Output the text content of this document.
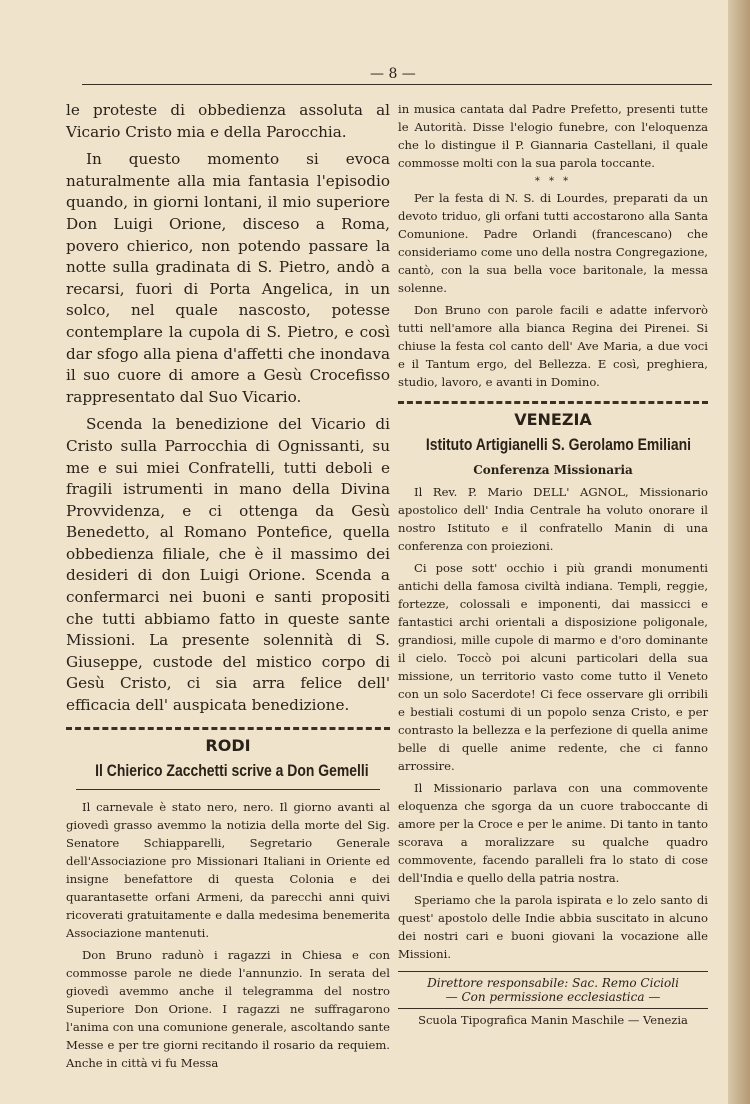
— 8 —

le proteste di obbedienza assoluta al Vicario Cristo mia e della Parocchia.

In questo momento si evoca naturalmente alla mia fantasia l'episodio quando, in giorni lontani, il mio superiore Don Luigi Orione, disceso a Roma, povero chierico, non potendo passare la notte sulla gradinata di S. Pietro, andò a recarsi, fuori di Porta Angelica, in un solco, nel quale nascosto, potesse contemplare la cupola di S. Pietro, e così dar sfogo alla piena d'affetti che inondava il suo cuore di amore a Gesù Crocefisso rappresentato dal Suo Vicario.

Scenda la benedizione del Vicario di Cristo sulla Parrocchia di Ognissanti, su me e sui miei Confratelli, tutti deboli e fragili istrumenti in mano della Divina Provvidenza, e ci ottenga da Gesù Benedetto, al Romano Pontefice, quella obbedienza filiale, che è il massimo dei desideri di don Luigi Orione. Scenda a confermarci nei buoni e santi propositi che tutti abbiamo fatto in queste sante Missioni. La presente solennità di S. Giuseppe, custode del mistico corpo di Gesù Cristo, ci sia arra felice dell' efficacia dell' auspicata benedizione.

RODI
Il Chierico Zacchetti scrive a Don Gemelli

Il carnevale è stato nero, nero. Il giorno avanti al giovedì grasso avemmo la notizia della morte del Sig. Senatore Schiapparelli, Segretario Generale dell'Associazione pro Missionari Italiani in Oriente ed insigne benefattore di questa Colonia e dei quarantasette orfani Armeni, da parecchi anni quivi ricoverati gratuitamente e dalla medesima benemerita Associazione mantenuti.

Don Bruno radunò i ragazzi in Chiesa e con commosse parole ne diede l'annunzio. In serata del giovedì avemmo anche il telegramma del nostro Superiore Don Orione. I ragazzi ne suffragarono l'anima con una comunione generale, ascoltando sante Messe e per tre giorni recitando il rosario da requiem. Anche in città vi fu Messa

in musica cantata dal Padre Prefetto, presenti tutte le Autorità. Disse l'elogio funebre, con l'eloquenza che lo distingue il P. Giannaria Castellani, il quale commosse molti con la sua parola toccante.

* * *

Per la festa di N. S. di Lourdes, preparati da un devoto triduo, gli orfani tutti accostarono alla Santa Comunione. Padre Orlandi (francescano) che consideriamo come uno della nostra Congregazione, cantò, con la sua bella voce baritonale, la messa solenne.

Don Bruno con parole facili e adatte infervorò tutti nell'amore alla bianca Regina dei Pirenei. Si chiuse la festa col canto dell' Ave Maria, a due voci e il Tantum ergo, del Bellezza. E così, preghiera, studio, lavoro, e avanti in Domino.

VENEZIA
Istituto Artigianelli S. Gerolamo Emiliani
Conferenza Missionaria

Il Rev. P. Mario DELL' AGNOL, Missionario apostolico dell' India Centrale ha voluto onorare il nostro Istituto e il confratello Manin di una conferenza con proiezioni.

Ci pose sott' occhio i più grandi monumenti antichi della famosa civiltà indiana. Templi, reggie, fortezze, colossali e imponenti, dai massicci e fantastici archi orientali a disposizione poligonale, grandiosi, mille cupole di marmo e d'oro dominante il cielo. Toccò poi alcuni particolari della sua missione, un territorio vasto come tutto il Veneto con un solo Sacerdote! Ci fece osservare gli orribili e bestiali costumi di un popolo senza Cristo, e per contrasto la bellezza e la perfezione di quella anime belle di quelle anime redente, che ci fanno arrossire.

Il Missionario parlava con una commovente eloquenza che sgorga da un cuore traboccante di amore per la Croce e per le anime. Di tanto in tanto scorava a moralizzare su qualche quadro commovente, facendo paralleli fra lo stato di cose dell'India e quello della patria nostra.

Speriamo che la parola ispirata e lo zelo santo di quest' apostolo delle Indie abbia suscitato in alcuno dei nostri cari e buoni giovani la vocazione alle Missioni.

Direttore responsabile: Sac. Remo Cicioli
— Con permissione ecclesiastica —
Scuola Tipografica Manin Maschile — Venezia
